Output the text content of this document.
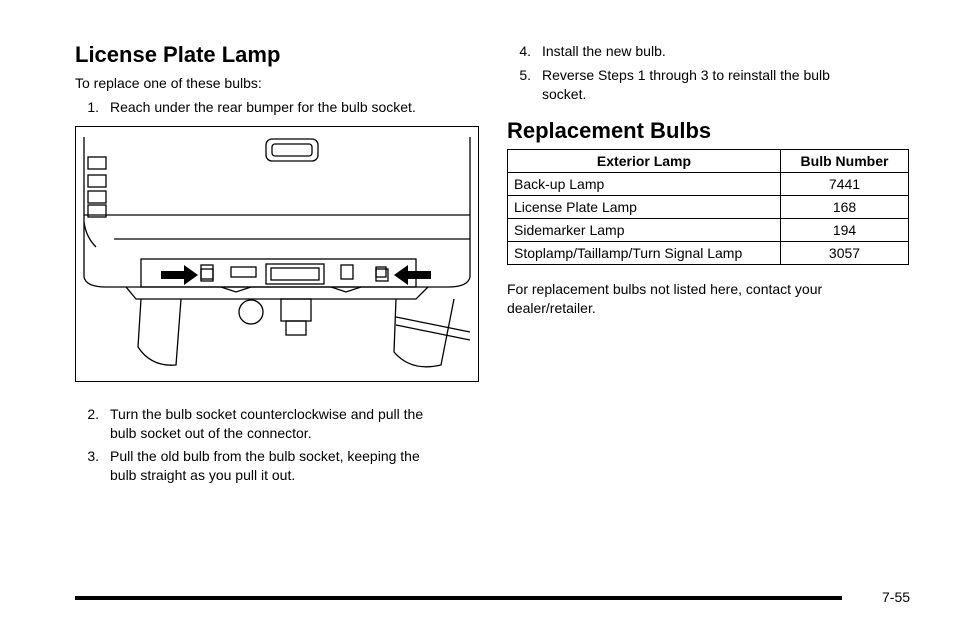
License Plate Lamp
To replace one of these bulbs:
1. Reach under the rear bumper for the bulb socket.
2. Turn the bulb socket counterclockwise and pull the
bulb socket out of the connector.
3. Pull the old bulb from the bulb socket, keeping the
bulb straight as you pull it out.
4. Install the new bulb.
5. Reverse Steps 1 through 3 to reinstall the bulb
socket.
Replacement Bulbs
Exterior Lamp	Bulb Number
Back-up Lamp	7441
License Plate Lamp	168
Sidemarker Lamp	194
Stoplamp/Taillamp/Turn Signal Lamp	3057
For replacement bulbs not listed here, contact your
dealer/retailer.
7-55
